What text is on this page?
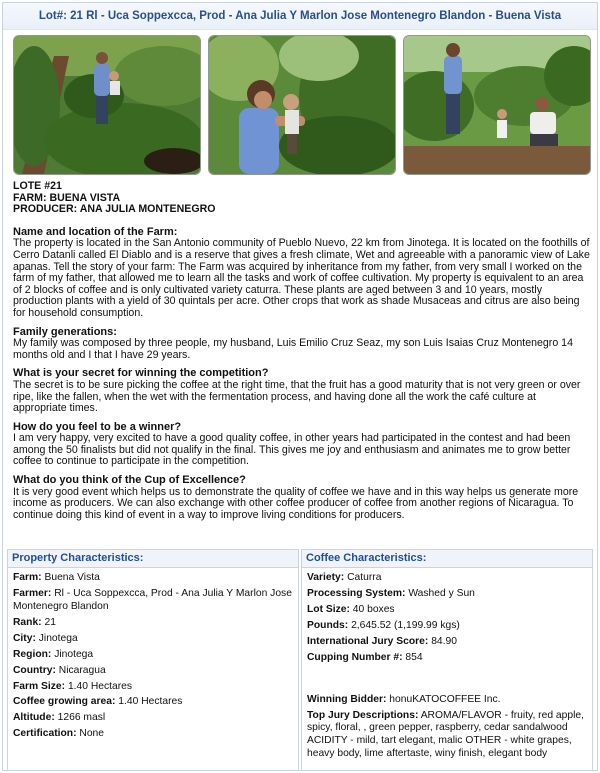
Lot#: 21 Rl - Uca Soppexcca, Prod - Ana Julia Y Marlon Jose Montenegro Blandon - Buena Vista
LOTE #21
FARM: BUENA VISTA
PRODUCER: ANA JULIA MONTENEGRO
Name and location of the Farm:

The property is located in the San Antonio community of Pueblo Nuevo, 22 km from Jinotega. It is located on the foothills of Cerro Datanli called El Diablo and is a reserve that gives a fresh climate, Wet and agreeable with a panoramic view of Lake apanas. Tell the story of your farm: The Farm was acquired by inheritance from my father, from very small I worked on the farm of my father, that allowed me to learn all the tasks and work of coffee cultivation. My property is equivalent to an area of 2 blocks of coffee and is only cultivated variety caturra. These plants are aged between 3 and 10 years, mostly production plants with a yield of 30 quintals per acre. Other crops that work as shade Musaceas and citrus are also being for household consumption.

Family generations:

My family was composed by three people, my husband, Luis Emilio Cruz Seaz, my son Luis Isaias Cruz Montenegro 14 months old and I that I have 29 years.

What is your secret for winning the competition?

The secret is to be sure picking the coffee at the right time, that the fruit has a good maturity that is not very green or over ripe, like the fallen, when the wet with the fermentation process, and having done all the work the café culture at appropriate times.

How do you feel to be a winner?

I am very happy, very excited to have a good quality coffee, in other years had participated in the contest and had been among the 50 finalists but did not qualify in the final. This gives me joy and enthusiasm and animates me to grow better coffee to continue to participate in the competition.

What do you think of the Cup of Excellence?

It is very good event which helps us to demonstrate the quality of coffee we have and in this way helps us generate more income as producers. We can also exchange with other coffee producer of coffee from another regions of Nicaragua. To continue doing this kind of event in a way to improve living conditions for producers.

Property Characteristics:
Farm: Buena Vista
Farmer: Rl - Uca Soppexcca, Prod - Ana Julia Y Marlon Jose Montenegro Blandon
Rank: 21
City: Jinotega
Region: Jinotega
Country: Nicaragua
Farm Size: 1.40 Hectares
Coffee growing area: 1.40 Hectares
Altitude: 1266 masl
Certification: None
Coffee Characteristics:
Variety: Caturra
Processing System: Washed y Sun
Lot Size: 40 boxes
Pounds: 2,645.52 (1,199.99 kgs)
International Jury Score: 84.90
Cupping Number #: 854
Winning Bidder: honuKATOCOFFEE Inc.
Top Jury Descriptions: AROMA/FLAVOR - fruity, red apple, spicy, floral, , green pepper, raspberry, cedar sandalwood ACIDITY - mild, tart elegant, malic OTHER - white grapes, heavy body, lime aftertaste, winy finish, elegant body
